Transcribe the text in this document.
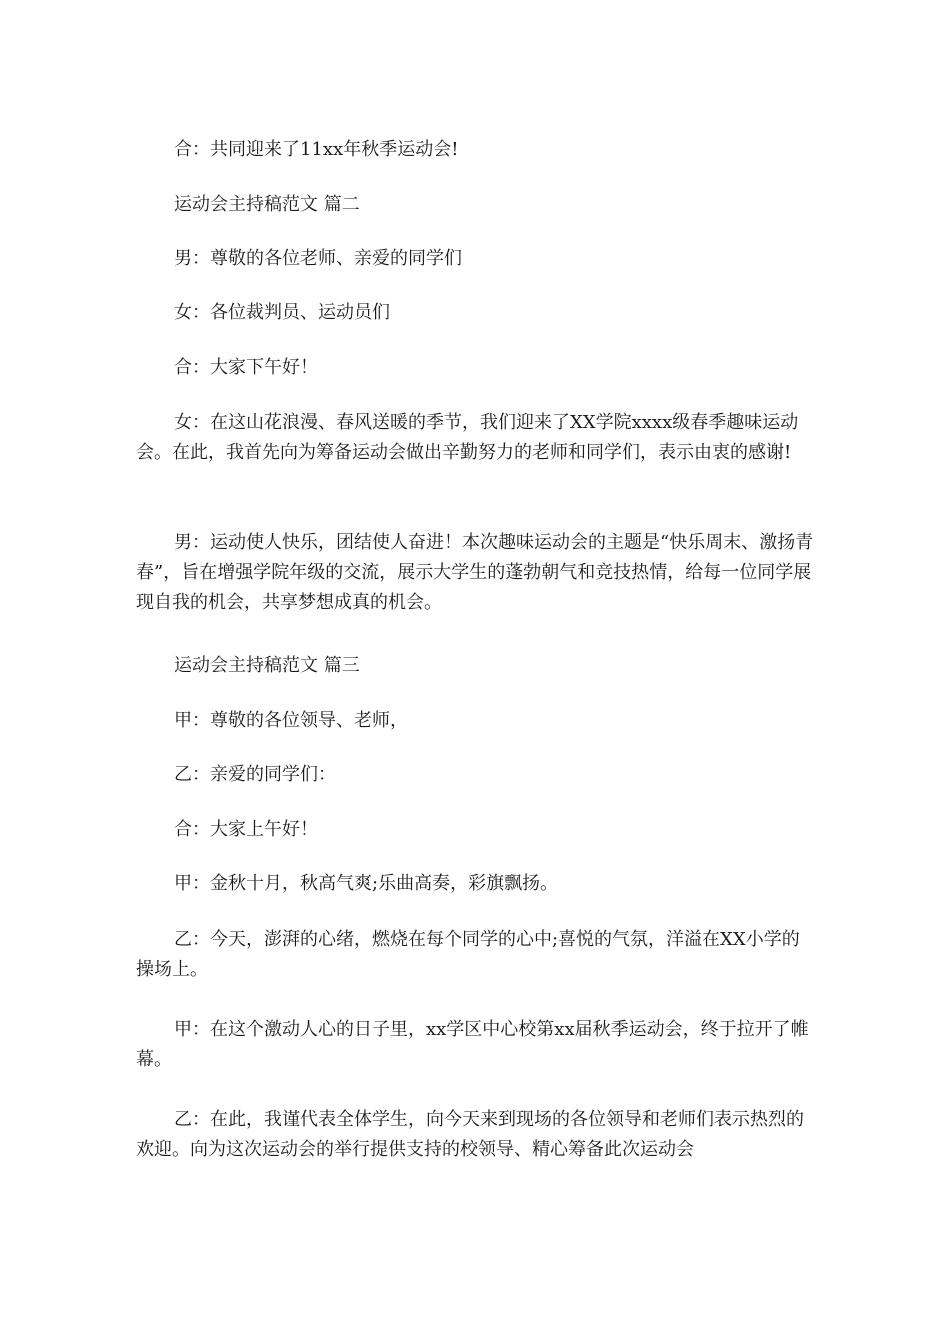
合：共同迎来了11xx年秋季运动会!

运动会主持稿范文 篇二

男：尊敬的各位老师、亲爱的同学们

女：各位裁判员、运动员们

合：大家下午好！

女：在这山花浪漫、春风送暖的季节，我们迎来了XX学院xxxx级春季趣味运动会。在此，我首先向为筹备运动会做出辛勤努力的老师和同学们，表示由衷的感谢!

男：运动使人快乐，团结使人奋进！本次趣味运动会的主题是“快乐周末、激扬青春”，旨在增强学院年级的交流，展示大学生的蓬勃朝气和竞技热情，给每一位同学展现自我的机会，共享梦想成真的机会。

运动会主持稿范文 篇三

甲：尊敬的各位领导、老师，

乙：亲爱的同学们：

合：大家上午好！

甲：金秋十月，秋高气爽;乐曲高奏，彩旗飘扬。

乙：今天，澎湃的心绪，燃烧在每个同学的心中;喜悦的气氛，洋溢在XX小学的操场上。

甲：在这个激动人心的日子里，xx学区中心校第xx届秋季运动会，终于拉开了帷幕。

乙：在此，我谨代表全体学生，向今天来到现场的各位领导和老师们表示热烈的欢迎。向为这次运动会的举行提供支持的校领导、精心筹备此次运动会
